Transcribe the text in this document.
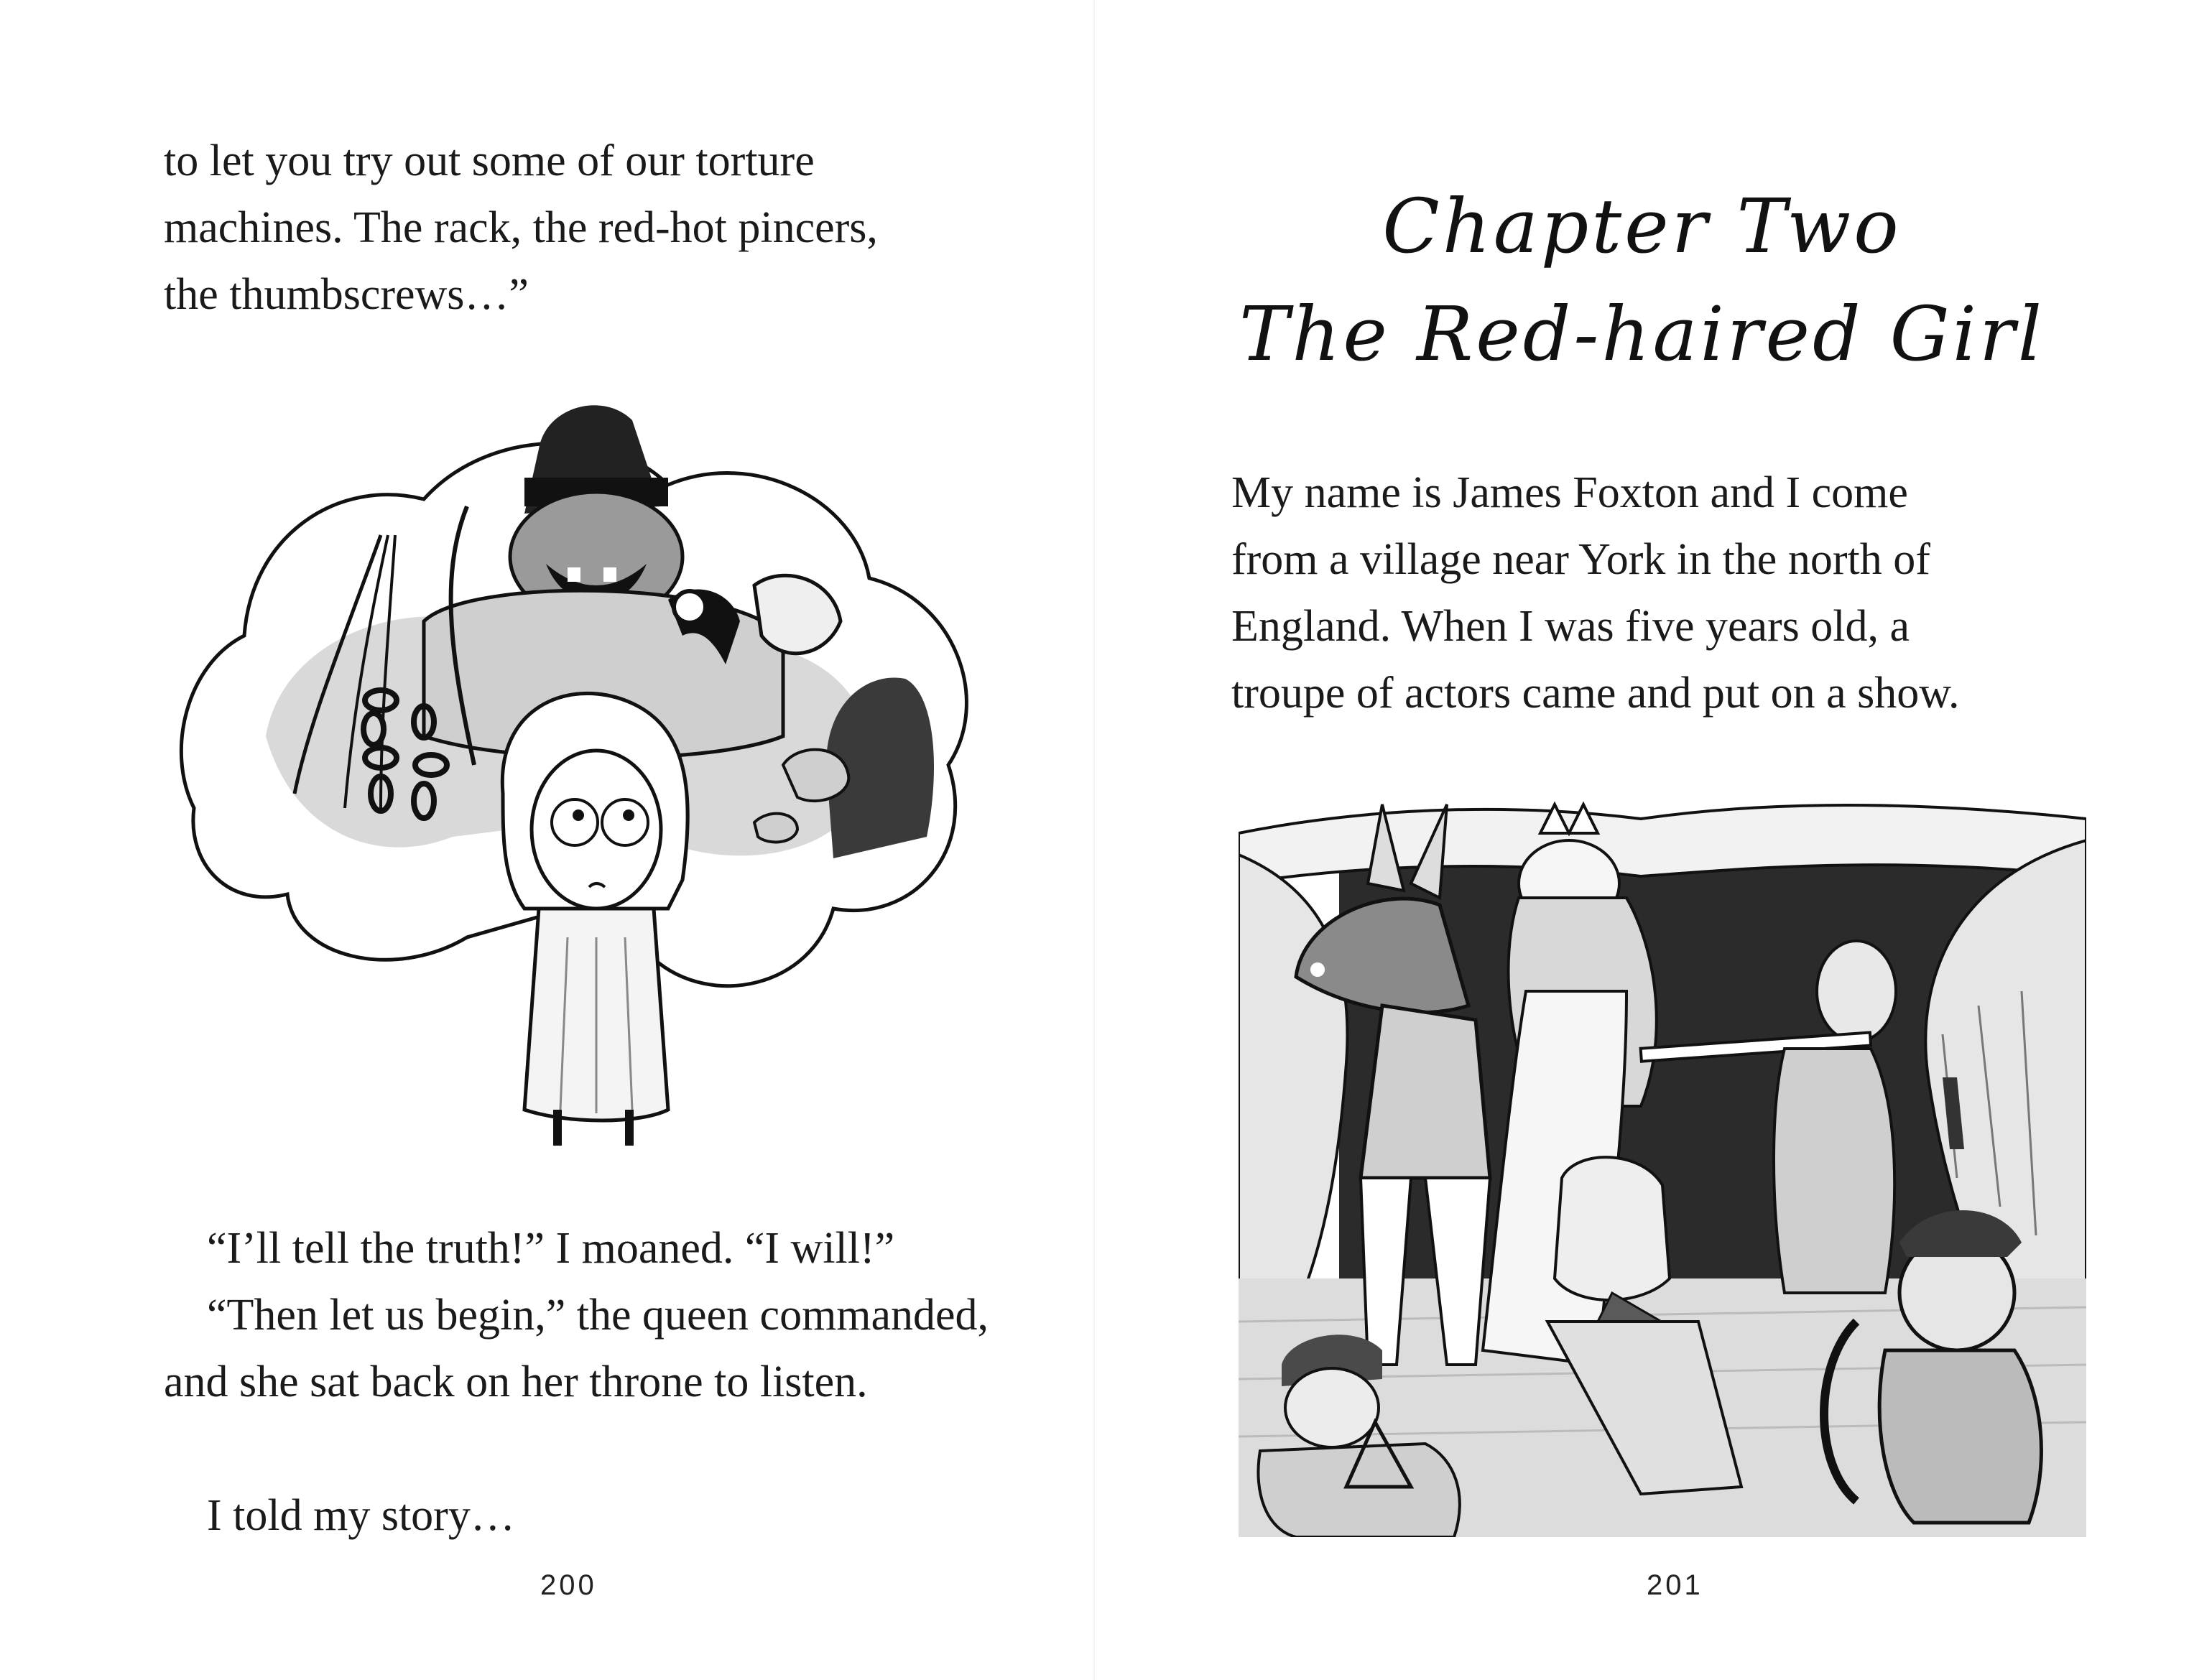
to let you try out some of our torture
machines. The rack, the red-hot pincers,
the thumbscrews…”

“I’ll tell the truth!” I moaned. “I will!”

“Then let us begin,” the queen commanded, and she sat back on her throne to listen.

I told my story…

200
Chapter Two
The Red-haired Girl

My name is James Foxton and I come
from a village near York in the north of
England. When I was five years old, a
troupe of actors came and put on a show.

201
